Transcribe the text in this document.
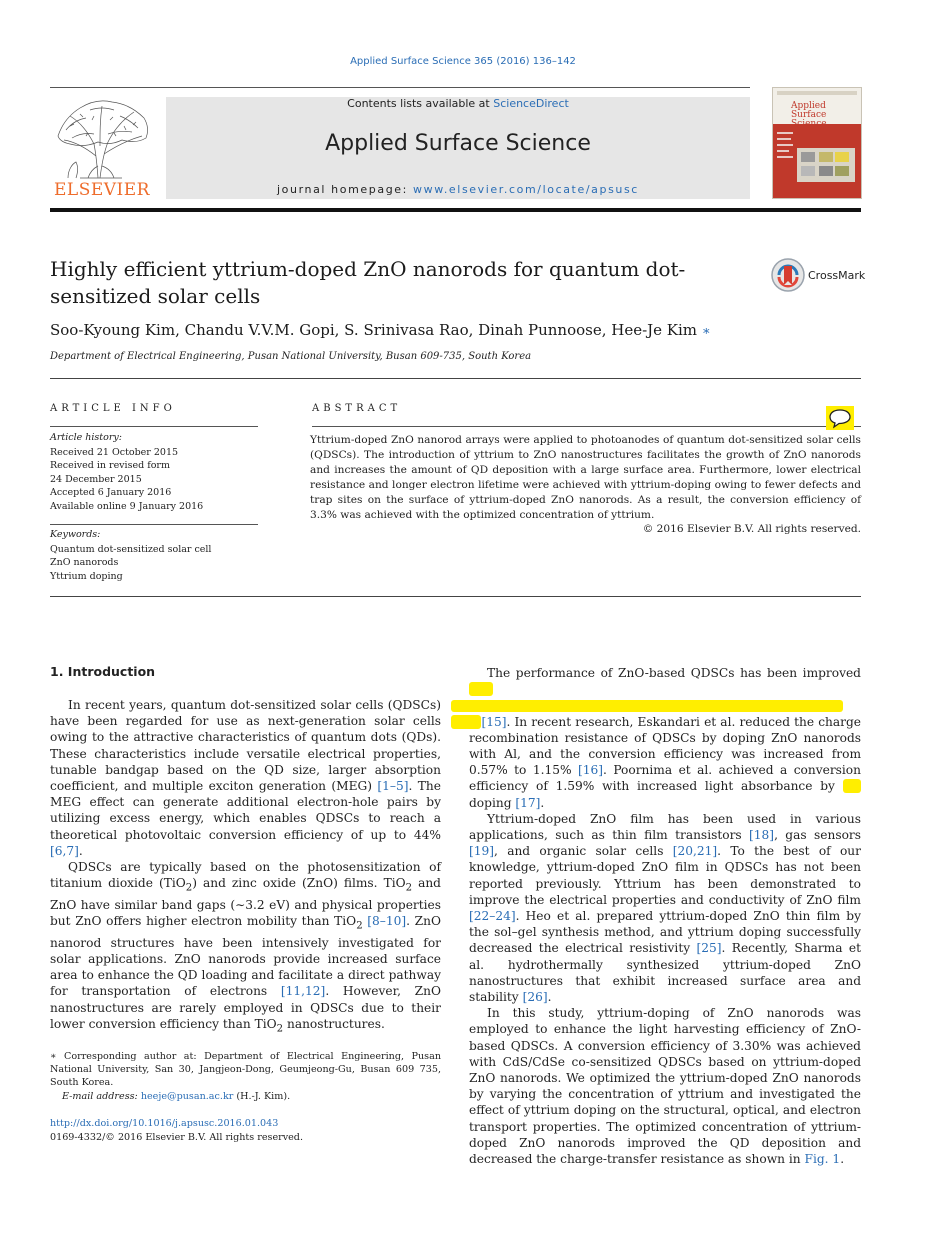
Applied Surface Science 365 (2016) 136–142
ELSEVIER
Contents lists available at ScienceDirect
Applied Surface Science
journal homepage: www.elsevier.com/locate/apsusc
Applied
Surface Science
Highly efficient yttrium-doped ZnO nanorods for quantum dot-sensitized solar cells
CrossMark
Soo-Kyoung Kim, Chandu V.V.M. Gopi, S. Srinivasa Rao, Dinah Punnoose, Hee-Je Kim ∗
Department of Electrical Engineering, Pusan National University, Busan 609-735, South Korea
ARTICLE INFO
Article history:
Received 21 October 2015
Received in revised form
24 December 2015
Accepted 6 January 2016
Available online 9 January 2016
Keywords:
Quantum dot-sensitized solar cell
ZnO nanorods
Yttrium doping
ABSTRACT
Yttrium-doped ZnO nanorod arrays were applied to photoanodes of quantum dot-sensitized solar cells (QDSCs). The introduction of yttrium to ZnO nanostructures facilitates the growth of ZnO nanorods and increases the amount of QD deposition with a large surface area. Furthermore, lower electrical resistance and longer electron lifetime were achieved with yttrium-doping owing to fewer defects and trap sites on the surface of yttrium-doped ZnO nanorods. As a result, the conversion efficiency of 3.3% was achieved with the optimized concentration of yttrium.
© 2016 Elsevier B.V. All rights reserved.
1. Introduction

In recent years, quantum dot-sensitized solar cells (QDSCs) have been regarded for use as next-generation solar cells owing to the attractive characteristics of quantum dots (QDs). These characteristics include versatile electrical properties, tunable bandgap based on the QD size, larger absorption coefficient, and multiple exciton generation (MEG) [1–5]. The MEG effect can generate additional electron-hole pairs by utilizing excess energy, which enables QDSCs to reach a theoretical photovoltaic conversion efficiency of up to 44% [6,7].

QDSCs are typically based on the photosensitization of titanium dioxide (TiO$_2$) and zinc oxide (ZnO) films. TiO$_2$ and ZnO have similar band gaps (∼3.2 eV) and physical properties but ZnO offers higher electron mobility than TiO$_2$ [8–10]. ZnO nanorod structures have been intensively investigated for solar applications. ZnO nanorods provide increased surface area to enhance the QD loading and facilitate a direct pathway for transportation of electrons [11,12]. However, ZnO nanostructures are rarely employed in QDSCs due to their lower conversion efficiency than TiO$_2$ nanostructures.

The performance of ZnO-based QDSCs has been improved   

   [15]. In recent research, Eskandari et al. reduced the charge recombination resistance of QDSCs by doping ZnO nanorods with Al, and the conversion efficiency was increased from 0.57% to 1.15% [16]. Poornima et al. achieved a conversion efficiency of 1.59% with increased light absorbance by    doping [17].

Yttrium-doped ZnO film has been used in various applications, such as thin film transistors [18], gas sensors [19], and organic solar cells [20,21]. To the best of our knowledge, yttrium-doped ZnO film in QDSCs has not been reported previously. Yttrium has been demonstrated to improve the electrical properties and conductivity of ZnO film [22–24]. Heo et al. prepared yttrium-doped ZnO thin film by the sol–gel synthesis method, and yttrium doping successfully decreased the electrical resistivity [25]. Recently, Sharma et al. hydrothermally synthesized yttrium-doped ZnO nanostructures that exhibit increased surface area and stability [26].

In this study, yttrium-doping of ZnO nanorods was employed to enhance the light harvesting efficiency of ZnO-based QDSCs. A conversion efficiency of 3.30% was achieved with CdS/CdSe co-sensitized QDSCs based on yttrium-doped ZnO nanorods. We optimized the yttrium-doped ZnO nanorods by varying the concentration of yttrium and investigated the effect of yttrium doping on the structural, optical, and electron transport properties. The optimized concentration of yttrium-doped ZnO nanorods improved the QD deposition and decreased the charge-transfer resistance as shown in Fig. 1.

∗ Corresponding author at: Department of Electrical Engineering, Pusan National University, San 30, Jangjeon-Dong, Geumjeong-Gu, Busan 609 735, South Korea.
E-mail address: heeje@pusan.ac.kr (H.-J. Kim).
http://dx.doi.org/10.1016/j.apsusc.2016.01.043
0169-4332/© 2016 Elsevier B.V. All rights reserved.
